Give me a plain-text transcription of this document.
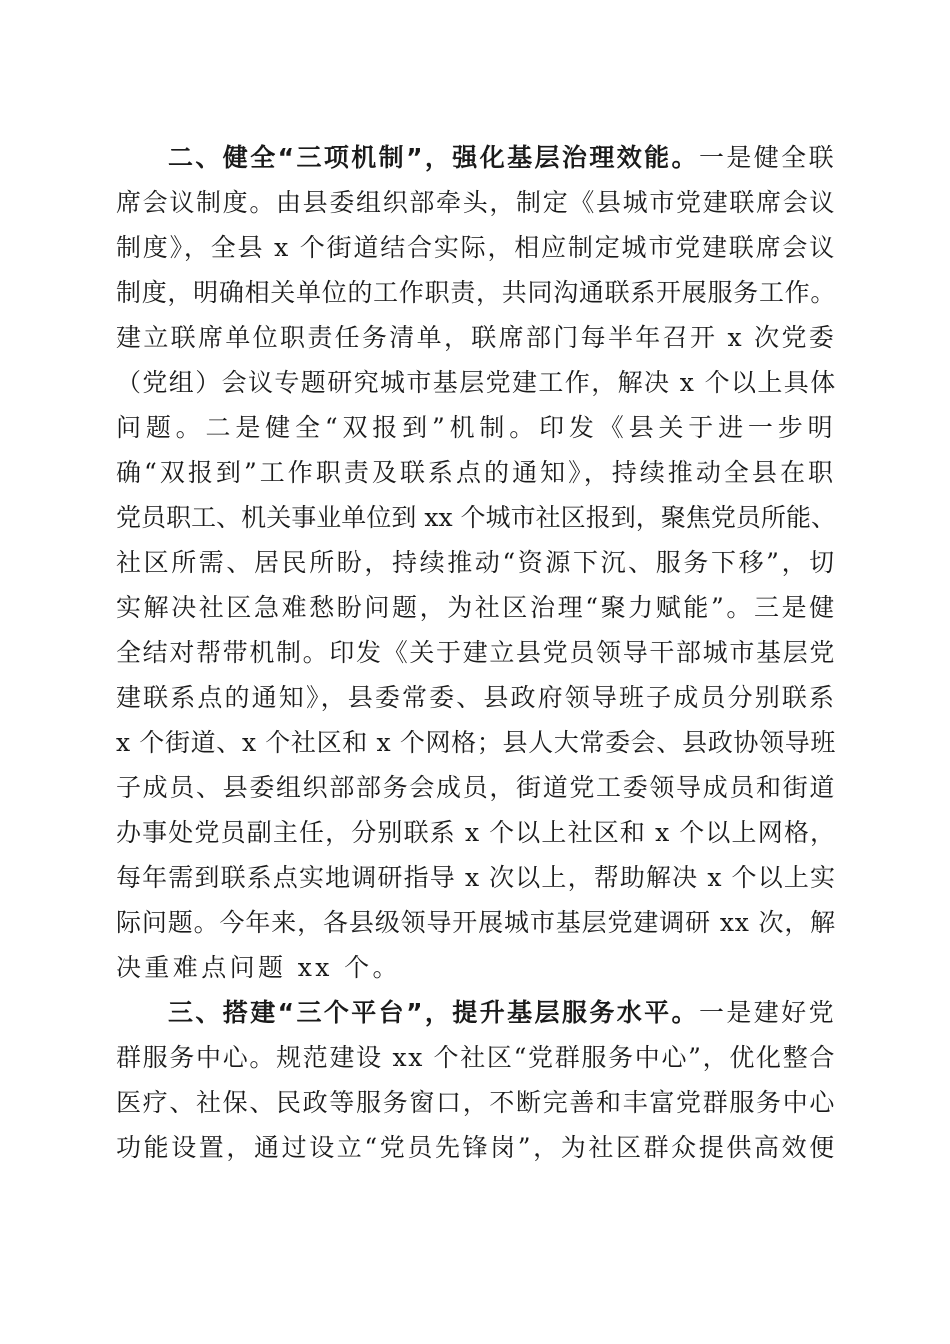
二、健全“三项机制”，强化基层治理效能。一是健全联
席会议制度。由县委组织部牵头，制定《县城市党建联席会议
制度》，全县 x 个街道结合实际，相应制定城市党建联席会议
制度，明确相关单位的工作职责，共同沟通联系开展服务工作。
建立联席单位职责任务清单，联席部门每半年召开 x 次党委
（党组）会议专题研究城市基层党建工作，解决 x 个以上具体
问题。二是健全“双报到”机制。印发《县关于进一步明
确“双报到”工作职责及联系点的通知》，持续推动全县在职
党员职工、机关事业单位到 xx 个城市社区报到，聚焦党员所能、
社区所需、居民所盼，持续推动“资源下沉、服务下移”，切
实解决社区急难愁盼问题，为社区治理“聚力赋能”。三是健
全结对帮带机制。印发《关于建立县党员领导干部城市基层党
建联系点的通知》，县委常委、县政府领导班子成员分别联系
x 个街道、x 个社区和 x 个网格；县人大常委会、县政协领导班
子成员、县委组织部部务会成员，街道党工委领导成员和街道
办事处党员副主任，分别联系 x 个以上社区和 x 个以上网格，
每年需到联系点实地调研指导 x 次以上，帮助解决 x 个以上实
际问题。今年来，各县级领导开展城市基层党建调研 xx 次，解
决重难点问题 xx 个。
三、搭建“三个平台”，提升基层服务水平。一是建好党
群服务中心。规范建设 xx 个社区“党群服务中心”，优化整合
医疗、社保、民政等服务窗口，不断完善和丰富党群服务中心
功能设置，通过设立“党员先锋岗”，为社区群众提供高效便
